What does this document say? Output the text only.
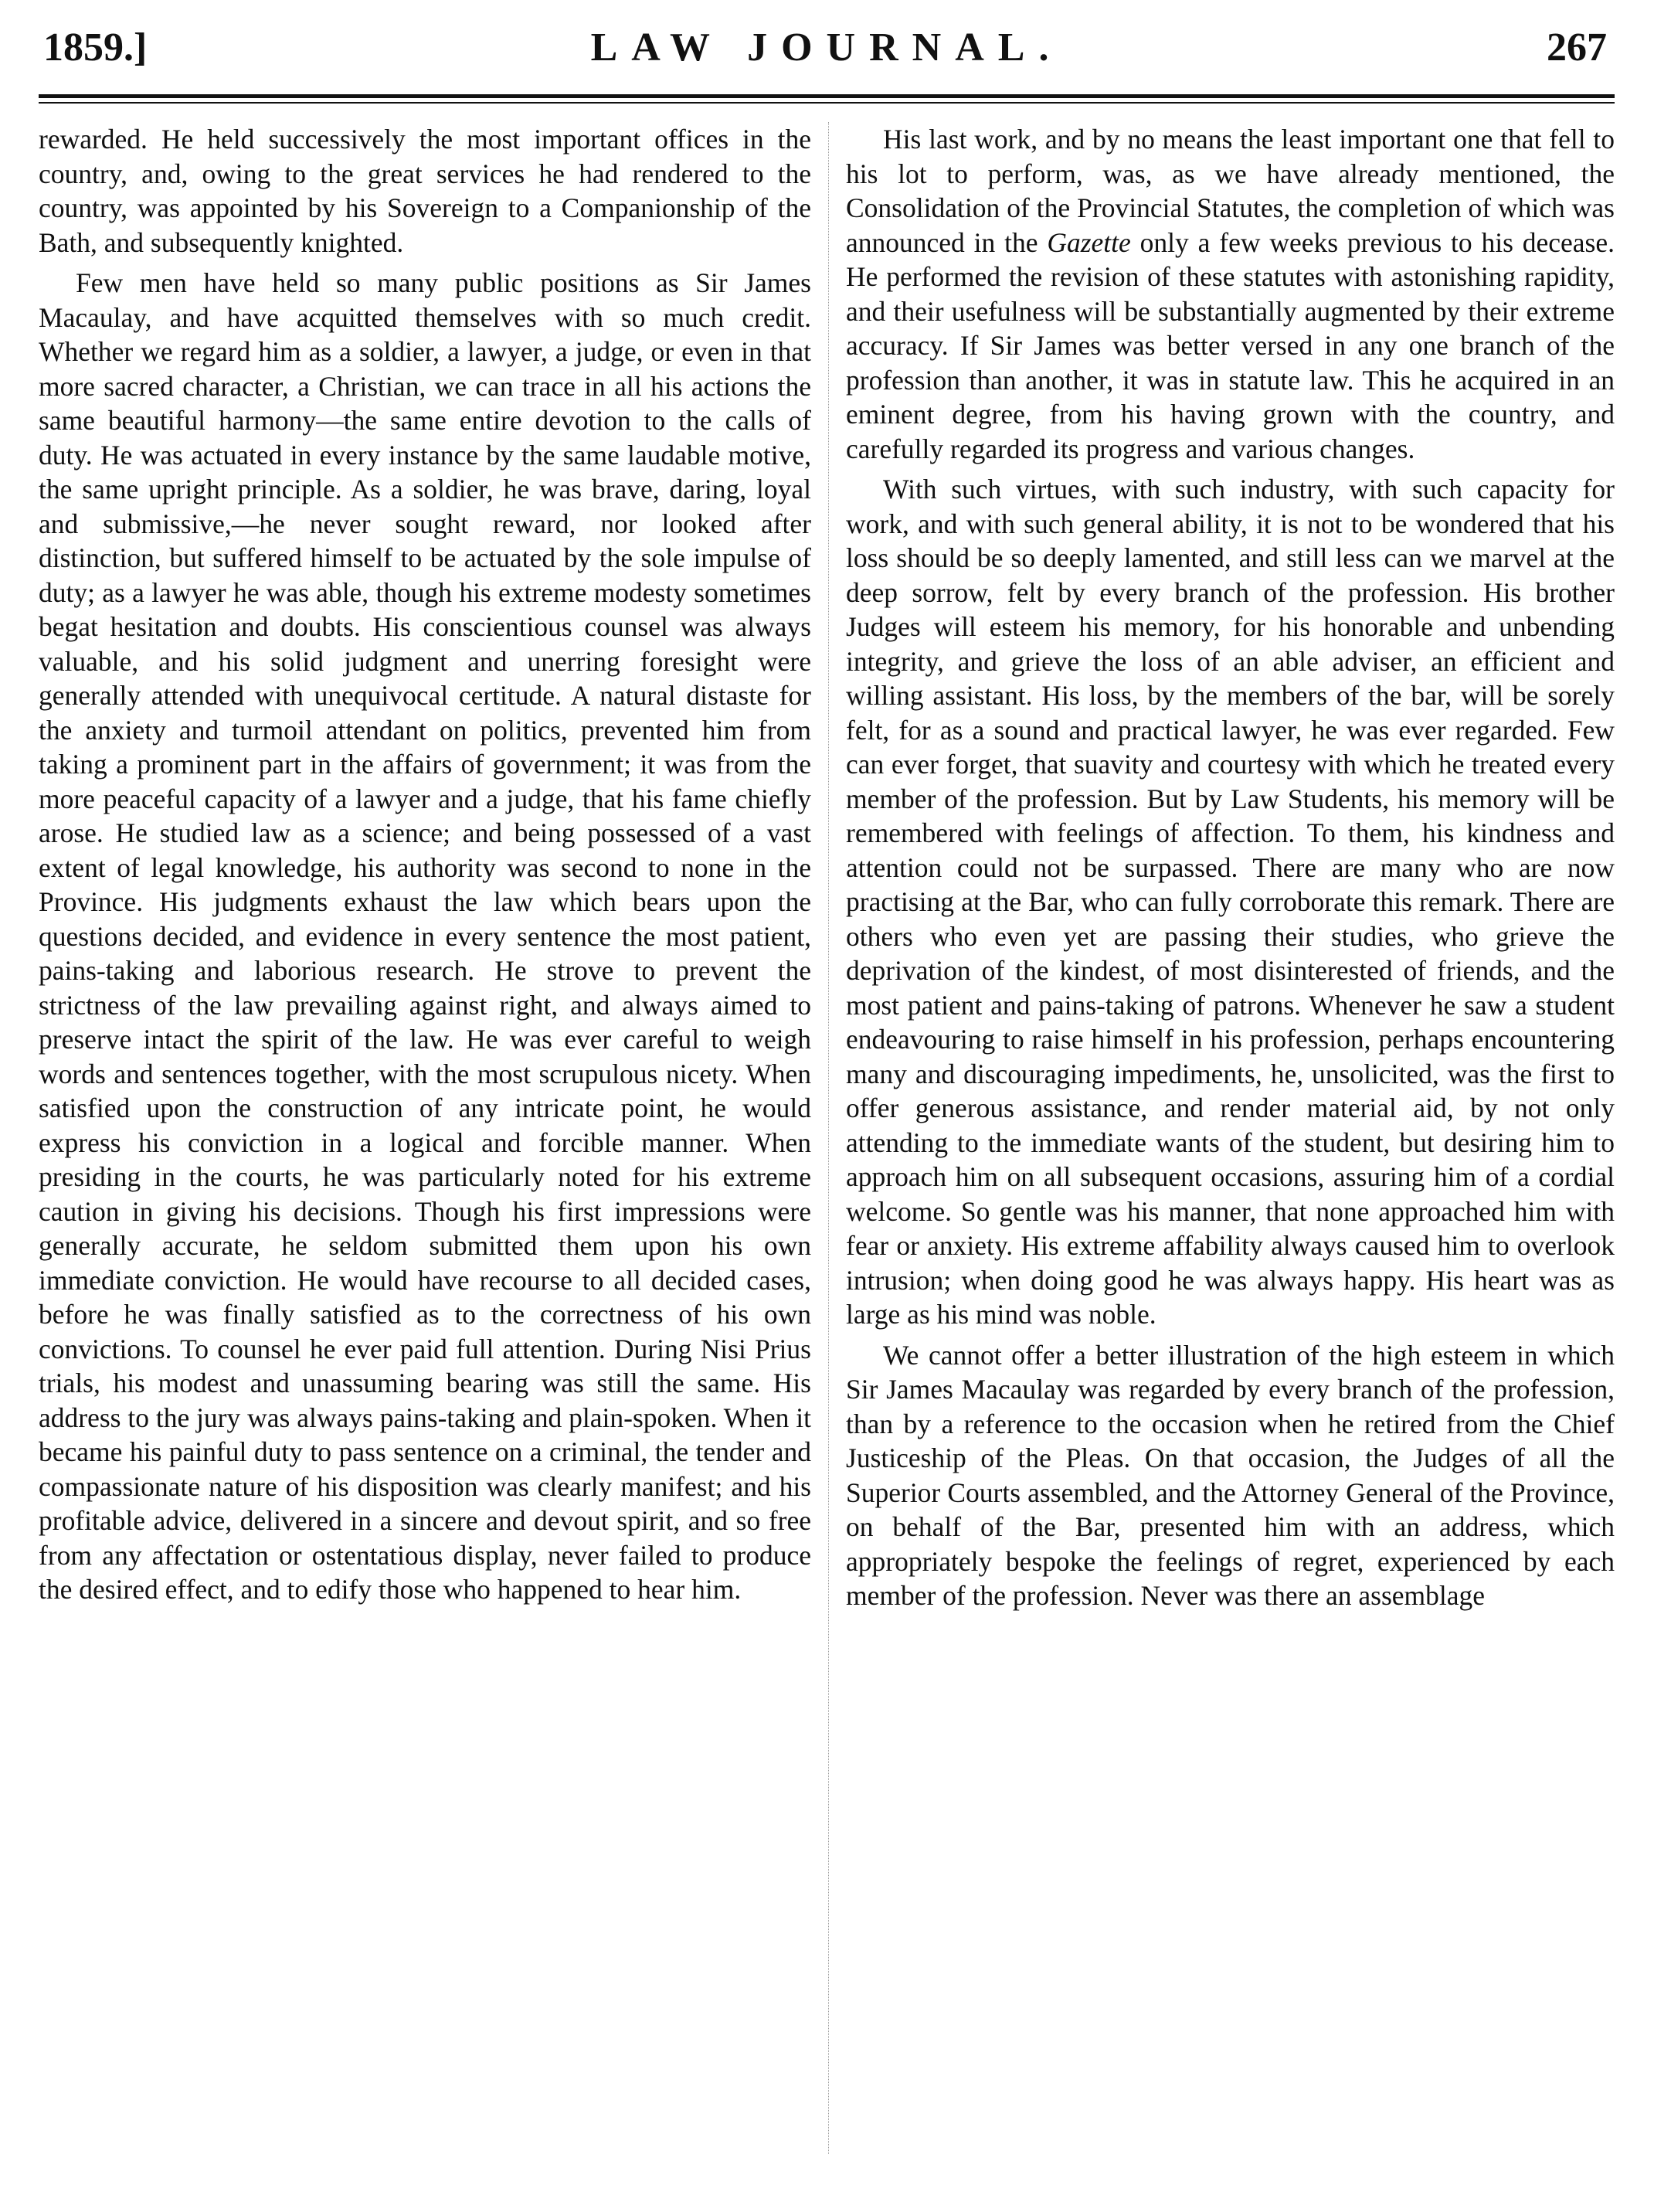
1859.]	LAW JOURNAL.	267

rewarded. He held successively the most important offices in the country, and, owing to the great services he had rendered to the country, was appointed by his Sovereign to a Companionship of the Bath, and subsequently knighted.

Few men have held so many public positions as Sir James Macaulay, and have acquitted themselves with so much credit. Whether we regard him as a soldier, a lawyer, a judge, or even in that more sacred character, a Christian, we can trace in all his actions the same beautiful harmony—the same entire devotion to the calls of duty. He was actuated in every instance by the same laudable motive, the same upright principle. As a soldier, he was brave, daring, loyal and submissive,—he never sought reward, nor looked after distinction, but suffered himself to be actuated by the sole impulse of duty; as a lawyer he was able, though his extreme modesty sometimes begat hesitation and doubts. His conscientious counsel was always valuable, and his solid judgment and unerring foresight were generally attended with unequivocal certitude. A natural distaste for the anxiety and turmoil attendant on politics, prevented him from taking a prominent part in the affairs of government; it was from the more peaceful capacity of a lawyer and a judge, that his fame chiefly arose. He studied law as a science; and being possessed of a vast extent of legal knowledge, his authority was second to none in the Province. His judgments exhaust the law which bears upon the questions decided, and evidence in every sentence the most patient, pains-taking and laborious research. He strove to prevent the strictness of the law prevailing against right, and always aimed to preserve intact the spirit of the law. He was ever careful to weigh words and sentences together, with the most scrupulous nicety. When satisfied upon the construction of any intricate point, he would express his conviction in a logical and forcible manner. When presiding in the courts, he was particularly noted for his extreme caution in giving his decisions. Though his first impressions were generally accurate, he seldom submitted them upon his own immediate conviction. He would have recourse to all decided cases, before he was finally satisfied as to the correctness of his own convictions. To counsel he ever paid full attention. During Nisi Prius trials, his modest and unassuming bearing was still the same. His address to the jury was always pains-taking and plain-spoken. When it became his painful duty to pass sentence on a criminal, the tender and compassionate nature of his disposition was clearly manifest; and his profitable advice, delivered in a sincere and devout spirit, and so free from any affectation or ostentatious display, never failed to produce the desired effect, and to edify those who happened to hear him.

His last work, and by no means the least important one that fell to his lot to perform, was, as we have already mentioned, the Consolidation of the Provincial Statutes, the completion of which was announced in the Gazette only a few weeks previous to his decease. He performed the revision of these statutes with astonishing rapidity, and their usefulness will be substantially augmented by their extreme accuracy. If Sir James was better versed in any one branch of the profession than another, it was in statute law. This he acquired in an eminent degree, from his having grown with the country, and carefully regarded its progress and various changes.

With such virtues, with such industry, with such capacity for work, and with such general ability, it is not to be wondered that his loss should be so deeply lamented, and still less can we marvel at the deep sorrow, felt by every branch of the profession. His brother Judges will esteem his memory, for his honorable and unbending integrity, and grieve the loss of an able adviser, an efficient and willing assistant. His loss, by the members of the bar, will be sorely felt, for as a sound and practical lawyer, he was ever regarded. Few can ever forget, that suavity and courtesy with which he treated every member of the profession. But by Law Students, his memory will be remembered with feelings of affection. To them, his kindness and attention could not be surpassed. There are many who are now practising at the Bar, who can fully corroborate this remark. There are others who even yet are passing their studies, who grieve the deprivation of the kindest, of most disinterested of friends, and the most patient and pains-taking of patrons. Whenever he saw a student endeavouring to raise himself in his profession, perhaps encountering many and discouraging impediments, he, unsolicited, was the first to offer generous assistance, and render material aid, by not only attending to the immediate wants of the student, but desiring him to approach him on all subsequent occasions, assuring him of a cordial welcome. So gentle was his manner, that none approached him with fear or anxiety. His extreme affability always caused him to overlook intrusion; when doing good he was always happy. His heart was as large as his mind was noble.

We cannot offer a better illustration of the high esteem in which Sir James Macaulay was regarded by every branch of the profession, than by a reference to the occasion when he retired from the Chief Justiceship of the Pleas. On that occasion, the Judges of all the Superior Courts assembled, and the Attorney General of the Province, on behalf of the Bar, presented him with an address, which appropriately bespoke the feelings of regret, experienced by each member of the profession. Never was there an assemblage
